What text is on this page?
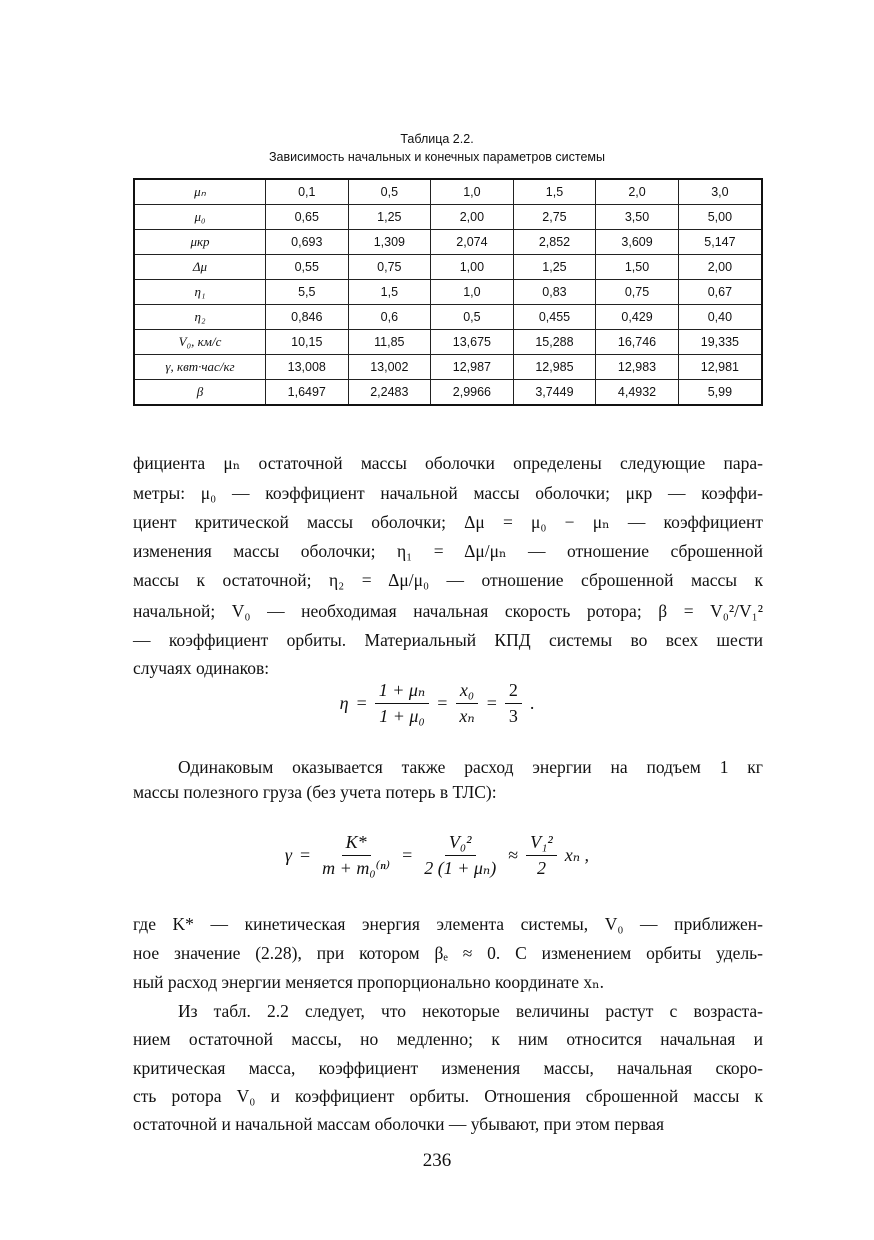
Таблица 2.2.
Зависимость начальных и конечных параметров системы
μₙ	0,1	0,5	1,0	1,5	2,0	3,0
μ₀	0,65	1,25	2,00	2,75	3,50	5,00
μкр	0,693	1,309	2,074	2,852	3,609	5,147
Δμ	0,55	0,75	1,00	1,25	1,50	2,00
η₁	5,5	1,5	1,0	0,83	0,75	0,67
η₂	0,846	0,6	0,5	0,455	0,429	0,40
V₀, км/с	10,15	11,85	13,675	15,288	16,746	19,335
γ, квт·час/кг	13,008	13,002	12,987	12,985	12,983	12,981
β	1,6497	2,2483	2,9966	3,7449	4,4932	5,99
фициента μₙ остаточной массы оболочки определены следующие пара-
метры: μ₀ — коэффициент начальной массы оболочки; μкр — коэффи-
циент критической массы оболочки; Δμ = μ₀ − μₙ — коэффициент
изменения массы оболочки; η₁ = Δμ/μₙ — отношение сброшенной
массы к остаточной; η₂ = Δμ/μ₀ — отношение сброшенной массы к
начальной; V₀ — необходимая начальная скорость ротора; β = V₀²/V₁²
— коэффициент орбиты. Материальный КПД системы во всех шести
случаях одинаков:
$\eta = \frac{\text{1 + μₙ}}{\text{1 + μ₀}} = \frac{\text{x₀}}{\text{xₙ}} = \frac{2}{3}$ .
Одинаковым оказывается также расход энергии на подъем 1 кг
массы полезного груза (без учета потерь в ТЛС):
$\gamma = \frac{K*}{\text{m + m₀⁽ⁿ⁾}} = \frac{\text{V₀²}}{\text{2 (1 + μₙ)}} \approx \frac{\text{V₁²}}{2}$ xₙ ,
где K* — кинетическая энергия элемента системы, V₀ — приближен-
ное значение (2.28), при котором βₑ ≈ 0. С изменением орбиты удель-
ный расход энергии меняется пропорционально координате xₙ.
Из табл. 2.2 следует, что некоторые величины растут с возраста-
нием остаточной массы, но медленно; к ним относится начальная и
критическая масса, коэффициент изменения массы, начальная скоро-
сть ротора V₀ и коэффициент орбиты. Отношения сброшенной массы к
остаточной и начальной массам оболочки — убывают, при этом первая
236
